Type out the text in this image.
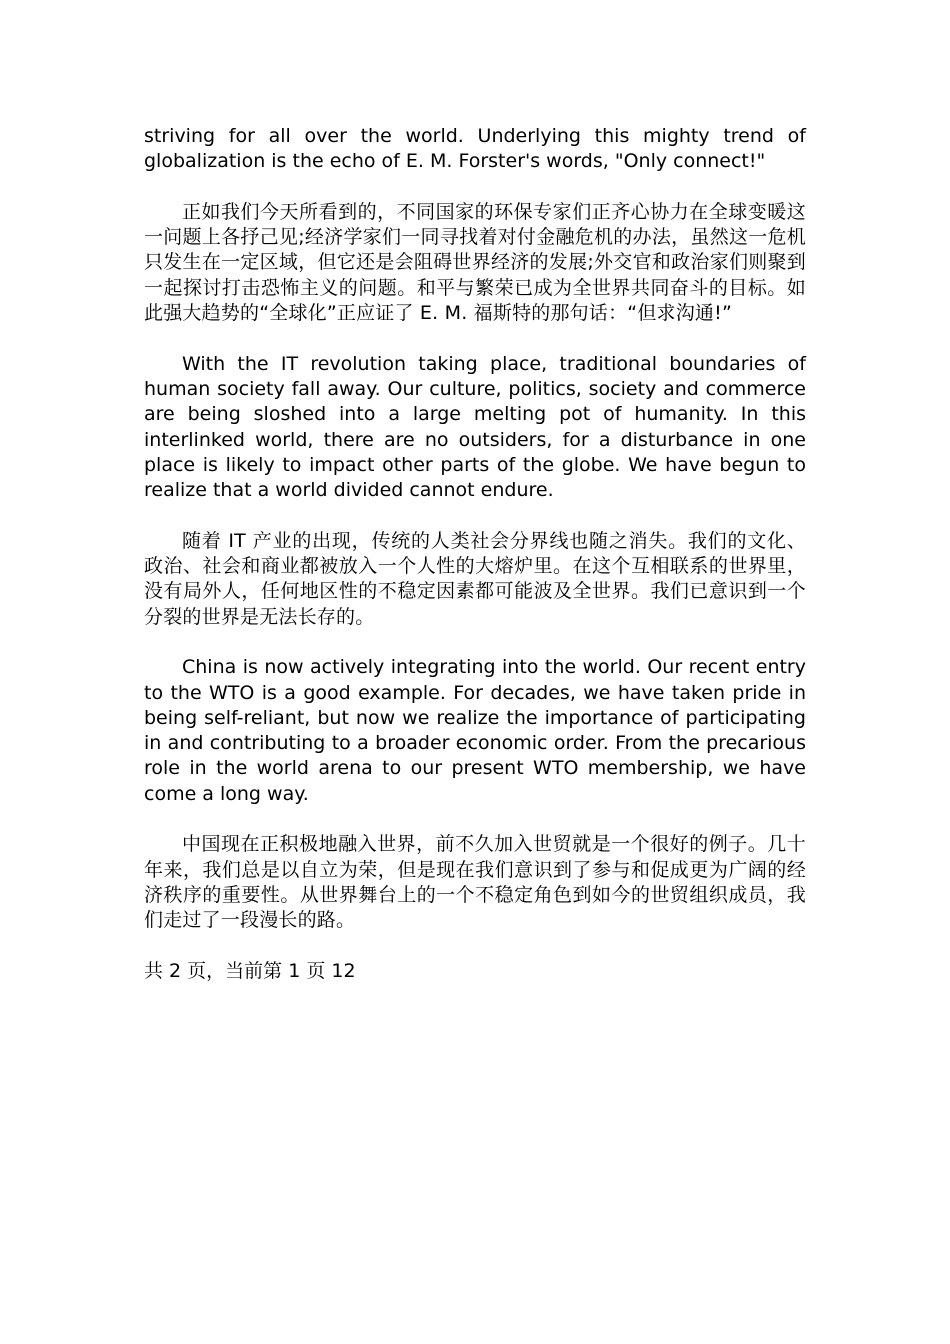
striving for all over the world. Underlying this mighty trend of globalization is the echo of E. M. Forster's words, "Only connect!"

正如我们今天所看到的，不同国家的环保专家们正齐心协力在全球变暖这一问题上各抒己见;经济学家们一同寻找着对付金融危机的办法，虽然这一危机只发生在一定区域，但它还是会阻碍世界经济的发展;外交官和政治家们则聚到一起探讨打击恐怖主义的问题。和平与繁荣已成为全世界共同奋斗的目标。如此强大趋势的“全球化”正应证了 E. M. 福斯特的那句话：“但求沟通!”

With the IT revolution taking place, traditional boundaries of human society fall away. Our culture, politics, society and commerce are being sloshed into a large melting pot of humanity. In this interlinked world, there are no outsiders, for a disturbance in one place is likely to impact other parts of the globe. We have begun to realize that a world divided cannot endure.

随着 IT 产业的出现，传统的人类社会分界线也随之消失。我们的文化、政治、社会和商业都被放入一个人性的大熔炉里。在这个互相联系的世界里，没有局外人，任何地区性的不稳定因素都可能波及全世界。我们已意识到一个分裂的世界是无法长存的。

China is now actively integrating into the world. Our recent entry to the WTO is a good example. For decades, we have taken pride in being self-reliant, but now we realize the importance of participating in and contributing to a broader economic order. From the precarious role in the world arena to our present WTO membership, we have come a long way.

中国现在正积极地融入世界，前不久加入世贸就是一个很好的例子。几十年来，我们总是以自立为荣，但是现在我们意识到了参与和促成更为广阔的经济秩序的重要性。从世界舞台上的一个不稳定角色到如今的世贸组织成员，我们走过了一段漫长的路。

共 2 页，当前第 1 页 12
